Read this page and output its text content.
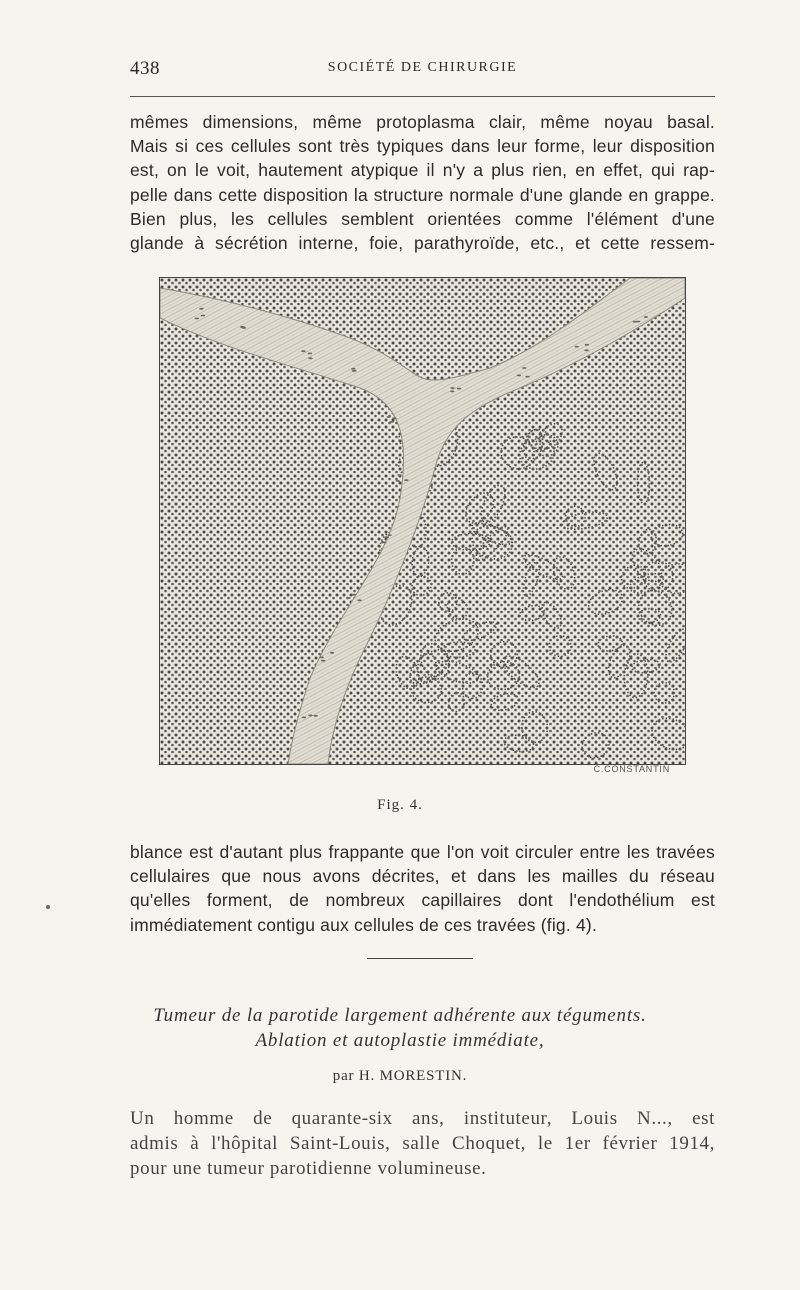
438	SOCIÉTÉ DE CHIRURGIE
mêmes dimensions, même protoplasma clair, même noyau basal.
Mais si ces cellules sont très typiques dans leur forme, leur disposition
est, on le voit, hautement atypique il n'y a plus rien, en effet, qui rap-
pelle dans cette disposition la structure normale d'une glande en grappe.
Bien plus, les cellules semblent orientées comme l'élément d'une
glande à sécrétion interne, foie, parathyroïde, etc., et cette ressem-
C.CONSTANTIN
Fig. 4.
blance est d'autant plus frappante que l'on voit circuler entre les travées
cellulaires que nous avons décrites, et dans les mailles du réseau
qu'elles forment, de nombreux capillaires dont l'endothélium est
immédiatement contigu aux cellules de ces travées (fig. 4).
Tumeur de la parotide largement adhérente aux téguments.
Ablation et autoplastie immédiate,
par H. MORESTIN.
Un homme de quarante-six ans, instituteur, Louis N..., est
admis à l'hôpital Saint-Louis, salle Choquet, le 1er février 1914,
pour une tumeur parotidienne volumineuse.
